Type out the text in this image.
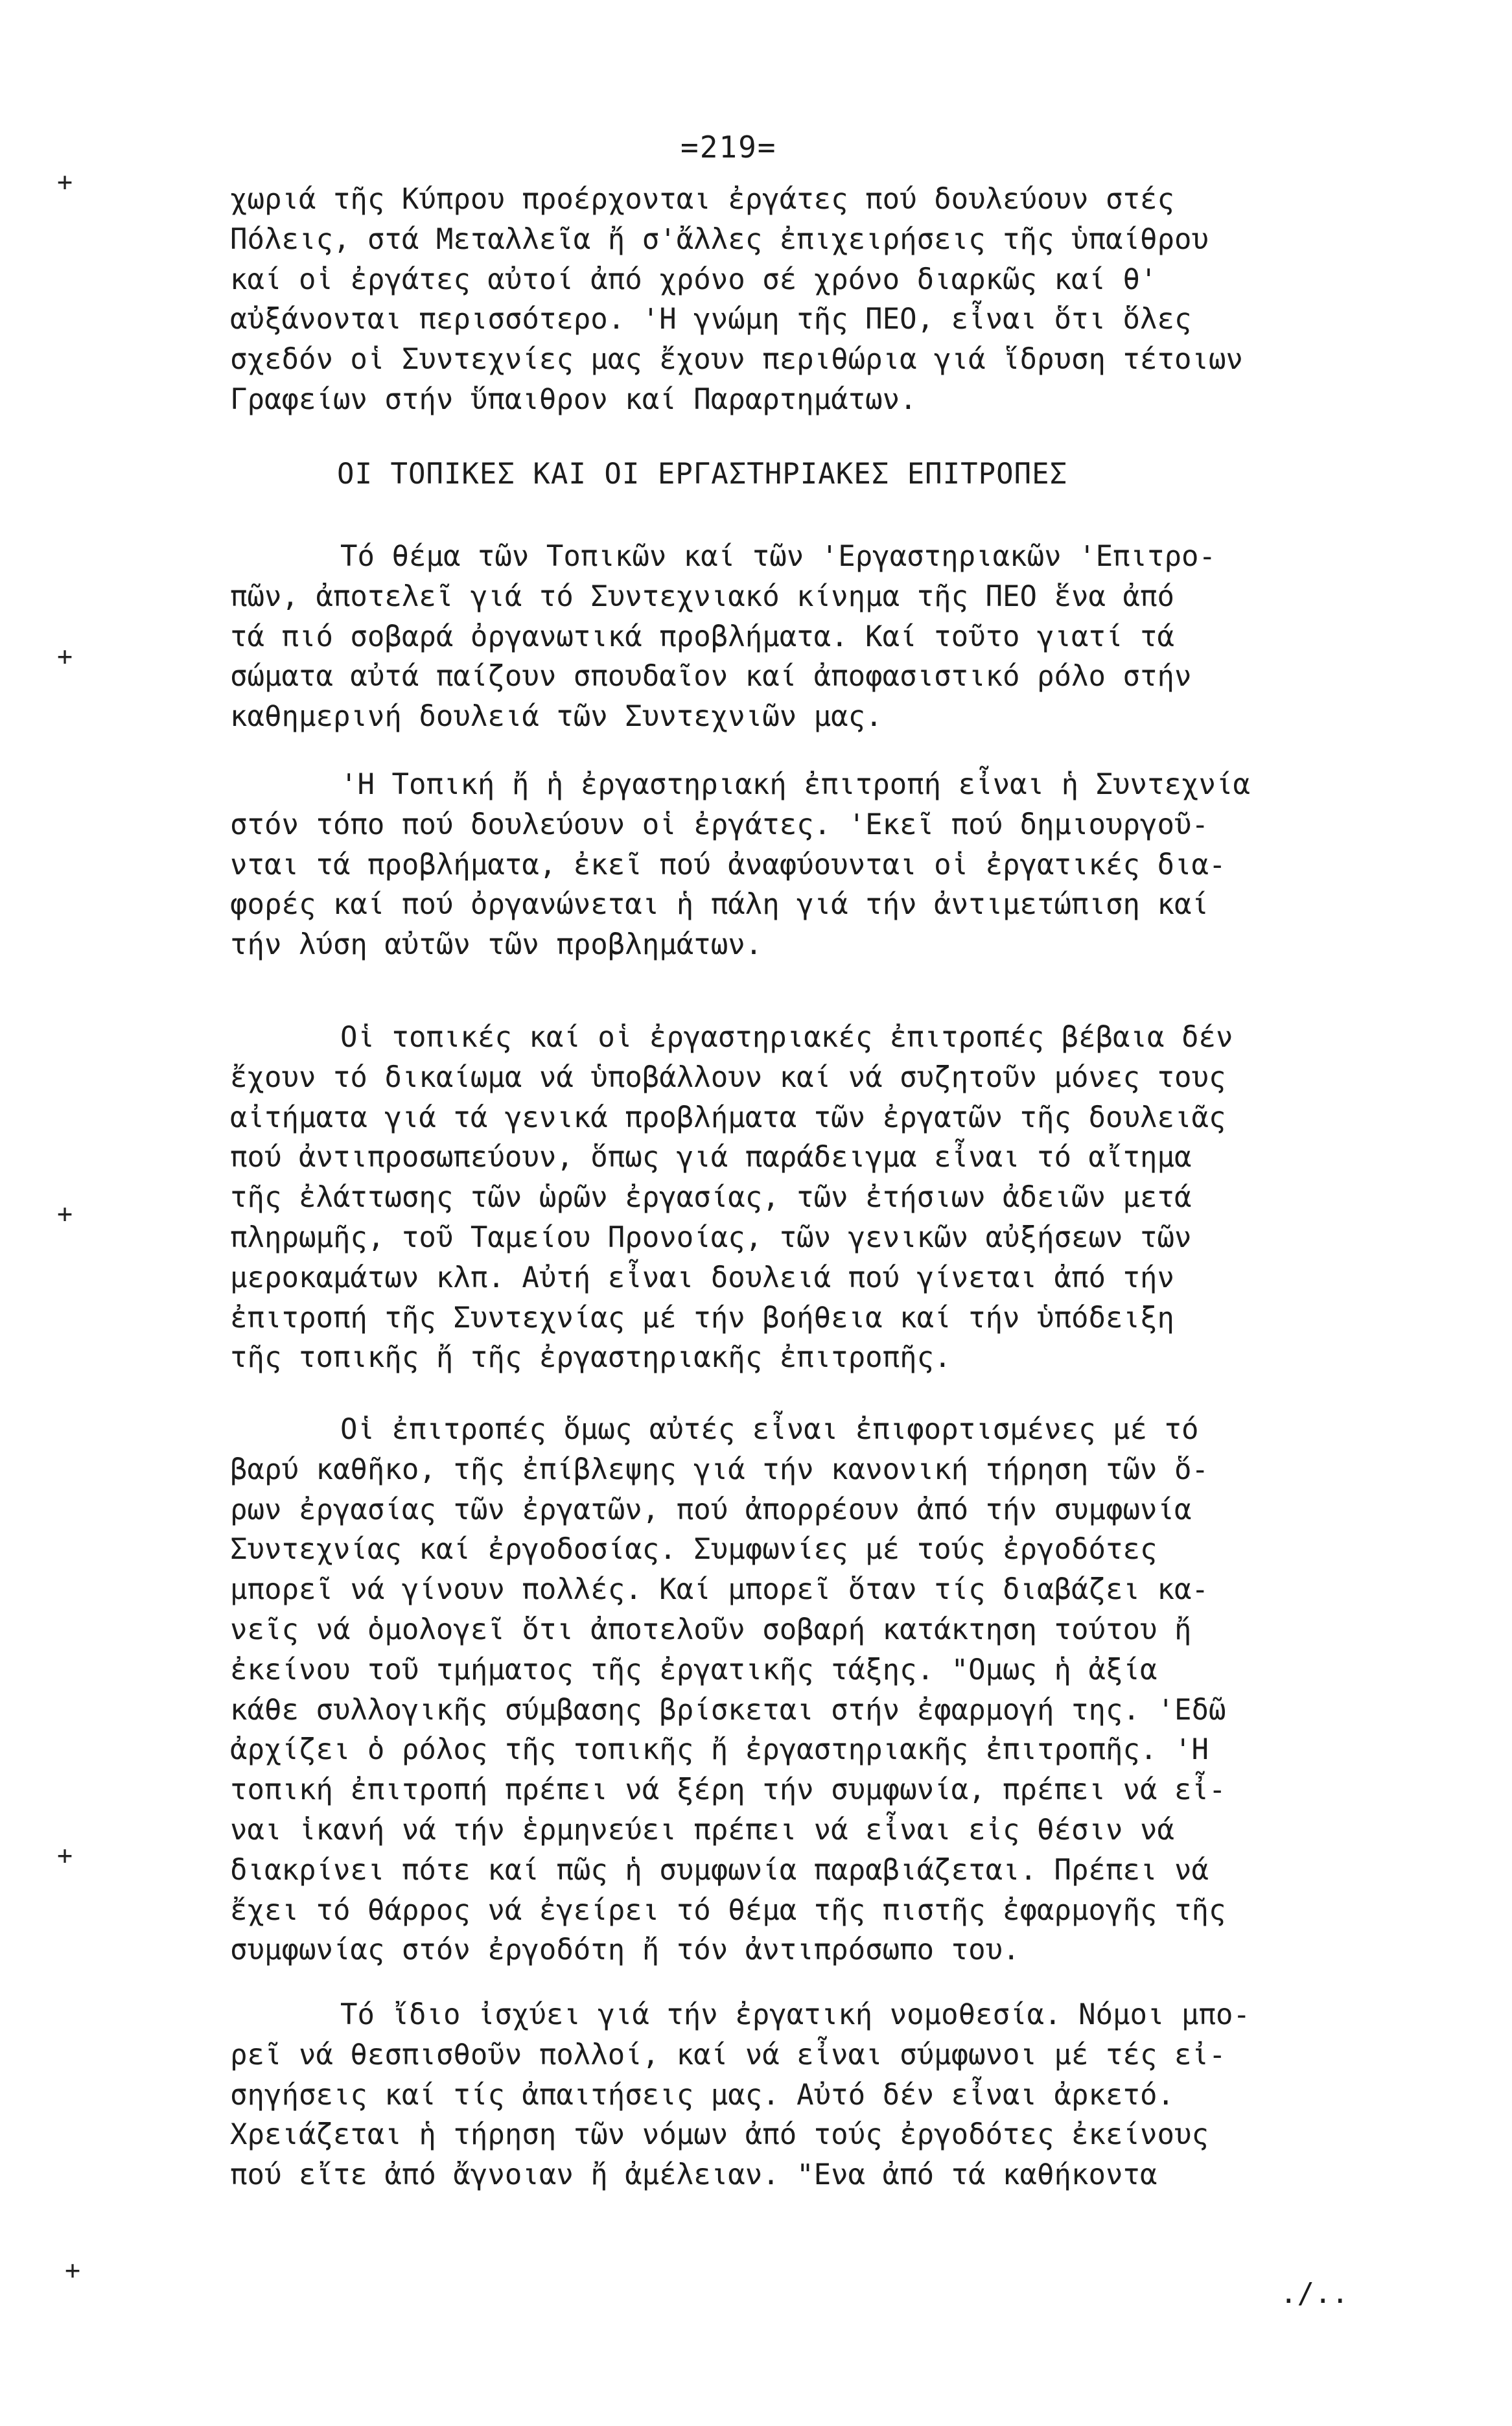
=219=
χωριά τῆς Κύπρου προέρχονται ἐργάτες πού δουλεύουν στές
Πόλεις, στά Μεταλλεῖα ἤ σ'ἄλλες ἐπιχειρήσεις τῆς ὑπαίθρου
καί οἱ ἐργάτες αὐτοί ἀπό χρόνο σέ χρόνο διαρκῶς καί θ'
αὐξάνονται περισσότερο. 'Η γνώμη τῆς ΠΕΟ, εἶναι ὅτι ὅλες
σχεδόν οἱ Συντεχνίες μας ἔχουν περιθώρια γιά ἵδρυση τέτοιων
Γραφείων στήν ὕπαιθρον καί Παραρτημάτων.
ΟΙ ΤΟΠΙΚΕΣ ΚΑΙ ΟΙ ΕΡΓΑΣΤΗΡΙΑΚΕΣ ΕΠΙΤΡΟΠΕΣ
Τό θέμα τῶν Τοπικῶν καί τῶν 'Εργαστηριακῶν 'Επιτρο-
πῶν, ἀποτελεῖ γιά τό Συντεχνιακό κίνημα τῆς ΠΕΟ ἕνα ἀπό
τά πιό σοβαρά ὀργανωτικά προβλήματα. Καί τοῦτο γιατί τά
σώματα αὐτά παίζουν σπουδαῖον καί ἀποφασιστικό ρόλο στήν
καθημερινή δουλειά τῶν Συντεχνιῶν μας.
'Η Τοπική ἤ ἡ ἐργαστηριακή ἐπιτροπή εἶναι ἡ Συντεχνία
στόν τόπο πού δουλεύουν οἱ ἐργάτες. 'Εκεῖ πού δημιουργοῦ-
νται τά προβλήματα, ἐκεῖ πού ἀναφύουνται οἱ ἐργατικές δια-
φορές καί πού ὀργανώνεται ἡ πάλη γιά τήν ἀντιμετώπιση καί
τήν λύση αὐτῶν τῶν προβλημάτων.
Οἱ τοπικές καί οἱ ἐργαστηριακές ἐπιτροπές βέβαια δέν
ἔχουν τό δικαίωμα νά ὑποβάλλουν καί νά συζητοῦν μόνες τους
αἰτήματα γιά τά γενικά προβλήματα τῶν ἐργατῶν τῆς δουλειᾶς
πού ἀντιπροσωπεύουν, ὅπως γιά παράδειγμα εἶναι τό αἴτημα
τῆς ἐλάττωσης τῶν ὡρῶν ἐργασίας, τῶν ἐτήσιων ἀδειῶν μετά
πληρωμῆς, τοῦ Ταμείου Προνοίας, τῶν γενικῶν αὐξήσεων τῶν
μεροκαμάτων κλπ. Αὐτή εἶναι δουλειά πού γίνεται ἀπό τήν
ἐπιτροπή τῆς Συντεχνίας μέ τήν βοήθεια καί τήν ὑπόδειξη
τῆς τοπικῆς ἤ τῆς ἐργαστηριακῆς ἐπιτροπῆς.
Οἱ ἐπιτροπές ὅμως αὐτές εἶναι ἐπιφορτισμένες μέ τό
βαρύ καθῆκο, τῆς ἐπίβλεψης γιά τήν κανονική τήρηση τῶν ὅ-
ρων ἐργασίας τῶν ἐργατῶν, πού ἀπορρέουν ἀπό τήν συμφωνία
Συντεχνίας καί ἐργοδοσίας. Συμφωνίες μέ τούς ἐργοδότες
μπορεῖ νά γίνουν πολλές. Καί μπορεῖ ὅταν τίς διαβάζει κα-
νεῖς νά ὁμολογεῖ ὅτι ἀποτελοῦν σοβαρή κατάκτηση τούτου ἤ
ἐκείνου τοῦ τμήματος τῆς ἐργατικῆς τάξης. "Ομως ἡ ἀξία
κάθε συλλογικῆς σύμβασης βρίσκεται στήν ἐφαρμογή της. 'Εδῶ
ἀρχίζει ὁ ρόλος τῆς τοπικῆς ἤ ἐργαστηριακῆς ἐπιτροπῆς. 'Η
τοπική ἐπιτροπή πρέπει νά ξέρη τήν συμφωνία, πρέπει νά εἶ-
ναι ἱκανή νά τήν ἑρμηνεύει πρέπει νά εἶναι εἰς θέσιν νά
διακρίνει πότε καί πῶς ἡ συμφωνία παραβιάζεται. Πρέπει νά
ἔχει τό θάρρος νά ἐγείρει τό θέμα τῆς πιστῆς ἐφαρμογῆς τῆς
συμφωνίας στόν ἐργοδότη ἤ τόν ἀντιπρόσωπο του.
Τό ἴδιο ἰσχύει γιά τήν ἐργατική νομοθεσία. Νόμοι μπο-
ρεῖ νά θεσπισθοῦν πολλοί, καί νά εἶναι σύμφωνοι μέ τές εἰ-
σηγήσεις καί τίς ἀπαιτήσεις μας. Αὐτό δέν εἶναι ἀρκετό.
Χρειάζεται ἡ τήρηση τῶν νόμων ἀπό τούς ἐργοδότες ἐκείνους
πού εἴτε ἀπό ἄγνοιαν ἤ ἀμέλειαν. "Ενα ἀπό τά καθήκοντα
./..
+
+
+
+
+
